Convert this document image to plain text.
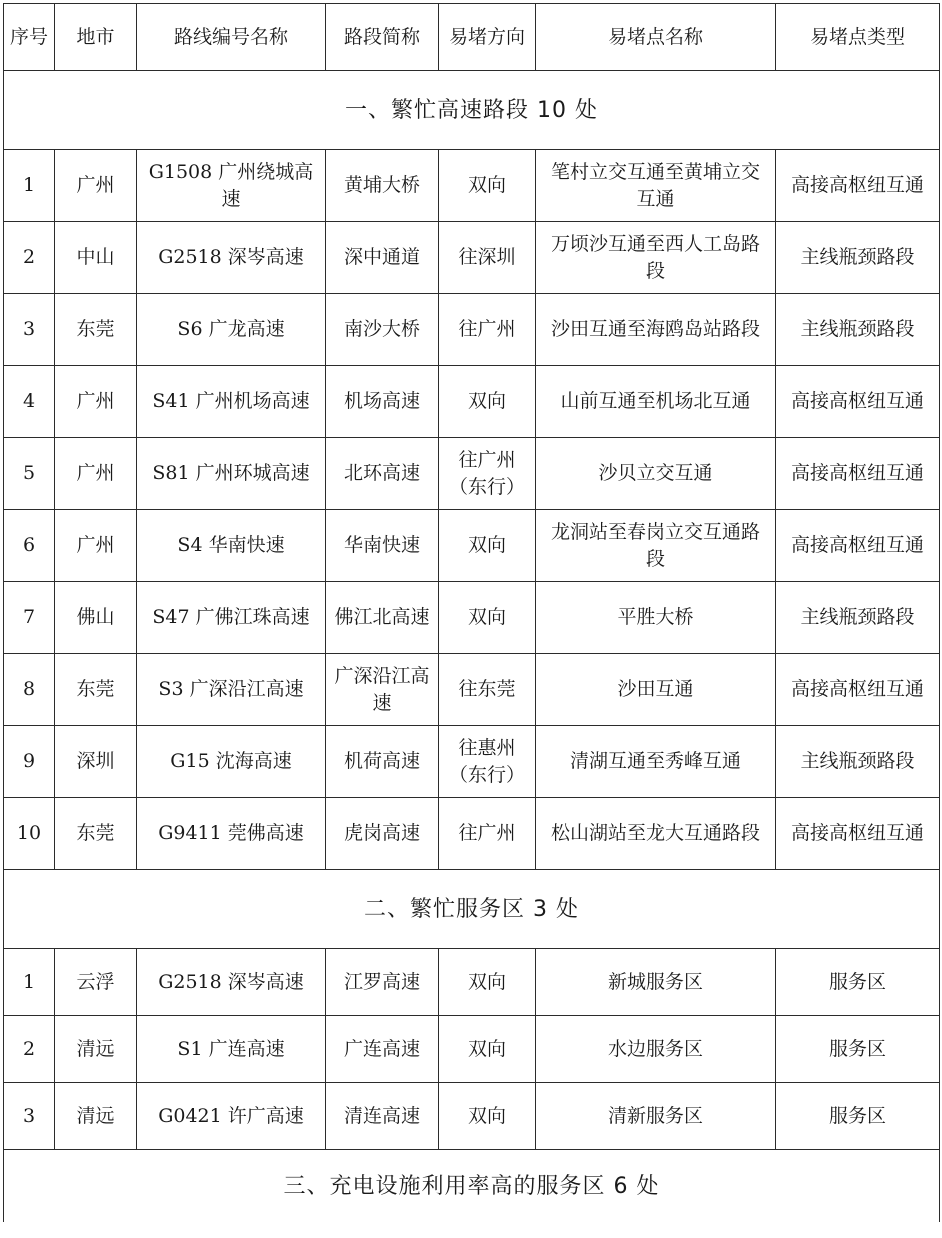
序号	地市	路线编号名称	路段简称	易堵方向	易堵点名称	易堵点类型
一、繁忙高速路段 10 处						
1	广州	G1508 广州绕城高速	黄埔大桥	双向	笔村立交互通至黄埔立交互通	高接高枢纽互通
2	中山	G2518 深岑高速	深中通道	往深圳	万顷沙互通至西人工岛路段	主线瓶颈路段
3	东莞	S6 广龙高速	南沙大桥	往广州	沙田互通至海鸥岛站路段	主线瓶颈路段
4	广州	S41 广州机场高速	机场高速	双向	山前互通至机场北互通	高接高枢纽互通
5	广州	S81 广州环城高速	北环高速	往广州（东行）	沙贝立交互通	高接高枢纽互通
6	广州	S4 华南快速	华南快速	双向	龙洞站至春岗立交互通路段	高接高枢纽互通
7	佛山	S47 广佛江珠高速	佛江北高速	双向	平胜大桥	主线瓶颈路段
8	东莞	S3 广深沿江高速	广深沿江高速	往东莞	沙田互通	高接高枢纽互通
9	深圳	G15 沈海高速	机荷高速	往惠州（东行）	清湖互通至秀峰互通	主线瓶颈路段
10	东莞	G9411 莞佛高速	虎岗高速	往广州	松山湖站至龙大互通路段	高接高枢纽互通
二、繁忙服务区 3 处						
1	云浮	G2518 深岑高速	江罗高速	双向	新城服务区	服务区
2	清远	S1 广连高速	广连高速	双向	水边服务区	服务区
3	清远	G0421 许广高速	清连高速	双向	清新服务区	服务区
三、充电设施利用率高的服务区 6 处						
